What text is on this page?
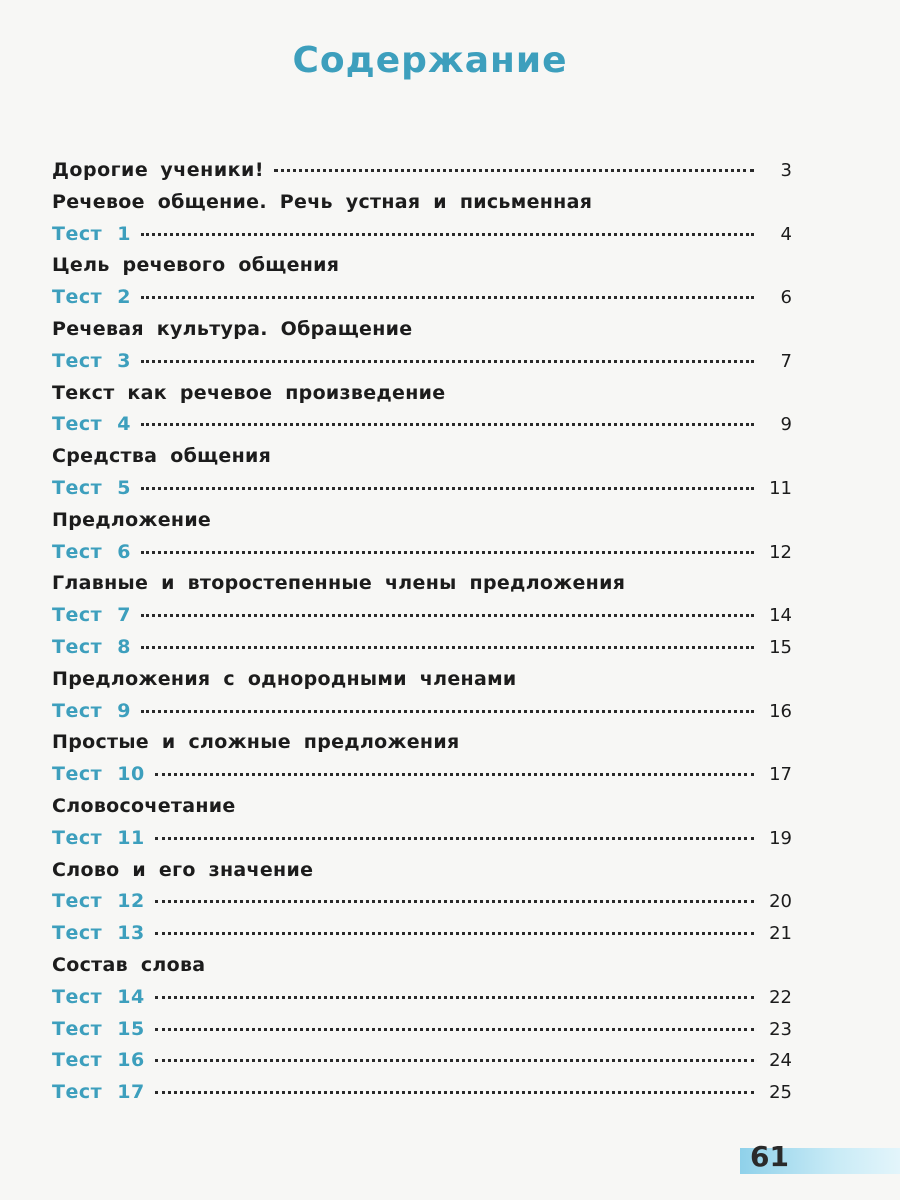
Содержание
Дорогие ученики!	3
Речевое общение. Речь устная и письменная
Тест 1	4
Цель речевого общения
Тест 2	6
Речевая культура. Обращение
Тест 3	7
Текст как речевое произведение
Тест 4	9
Средства общения
Тест 5	11
Предложение
Тест 6	12
Главные и второстепенные члены предложения
Тест 7	14
Тест 8	15
Предложения с однородными членами
Тест 9	16
Простые и сложные предложения
Тест 10	17
Словосочетание
Тест 11	19
Слово и его значение
Тест 12	20
Тест 13	21
Состав слова
Тест 14	22
Тест 15	23
Тест 16	24
Тест 17	25
61
